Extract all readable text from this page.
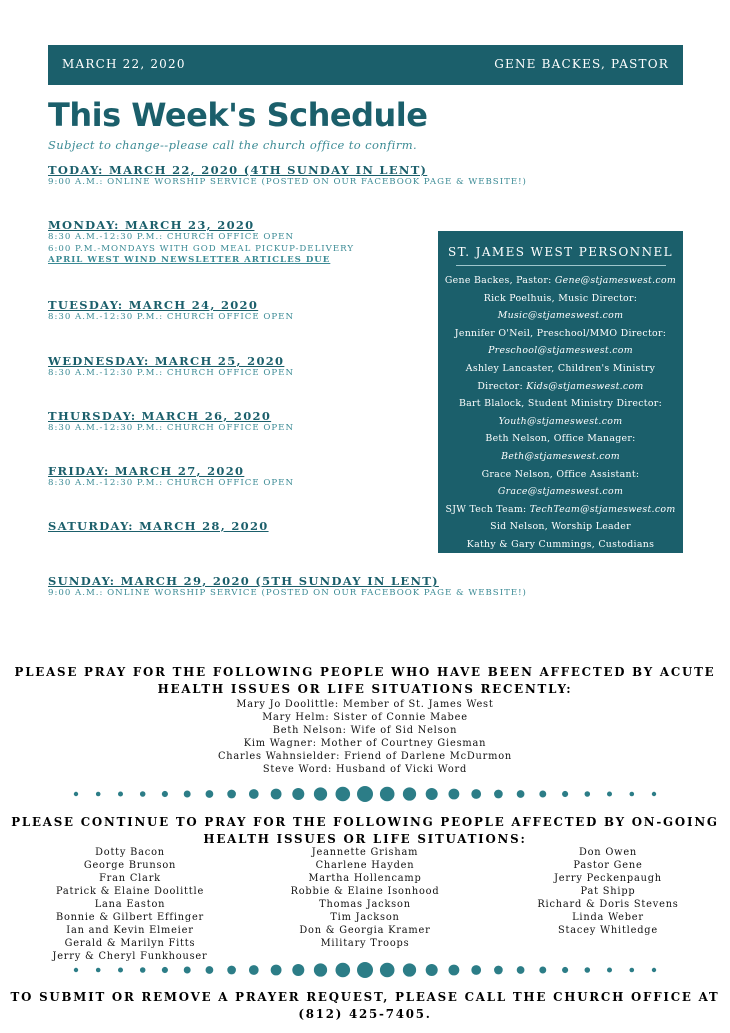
MARCH 22, 2020	GENE BACKES, PASTOR
This Week's Schedule
Subject to change--please call the church office to confirm.
TODAY: MARCH 22, 2020 (4TH SUNDAY IN LENT)
9:00 A.M.: ONLINE WORSHIP SERVICE (POSTED ON OUR FACEBOOK PAGE & WEBSITE!)
MONDAY: MARCH 23, 2020
8:30 A.M.-12:30 P.M.: CHURCH OFFICE OPEN
6:00 P.M.-MONDAYS WITH GOD MEAL PICKUP-DELIVERY
APRIL WEST WIND NEWSLETTER ARTICLES DUE
TUESDAY: MARCH 24, 2020
8:30 A.M.-12:30 P.M.: CHURCH OFFICE OPEN
WEDNESDAY: MARCH 25, 2020
8:30 A.M.-12:30 P.M.: CHURCH OFFICE OPEN
THURSDAY: MARCH 26, 2020
8:30 A.M.-12:30 P.M.: CHURCH OFFICE OPEN
FRIDAY: MARCH 27, 2020
8:30 A.M.-12:30 P.M.: CHURCH OFFICE OPEN
SATURDAY: MARCH 28, 2020
SUNDAY: MARCH 29, 2020 (5TH SUNDAY IN LENT)
9:00 A.M.: ONLINE WORSHIP SERVICE (POSTED ON OUR FACEBOOK PAGE & WEBSITE!)
ST. JAMES WEST PERSONNEL
Gene Backes, Pastor: Gene@stjameswest.com
Rick Poelhuis, Music Director:
Music@stjameswest.com
Jennifer O'Neil, Preschool/MMO Director:
Preschool@stjameswest.com
Ashley Lancaster, Children's Ministry
Director: Kids@stjameswest.com
Bart Blalock, Student Ministry Director:
Youth@stjameswest.com
Beth Nelson, Office Manager:
Beth@stjameswest.com
Grace Nelson, Office Assistant:
Grace@stjameswest.com
SJW Tech Team: TechTeam@stjameswest.com
Sid Nelson, Worship Leader
Kathy & Gary Cummings, Custodians
PLEASE PRAY FOR THE FOLLOWING PEOPLE WHO HAVE BEEN AFFECTED BY ACUTE
HEALTH ISSUES OR LIFE SITUATIONS RECENTLY:
Mary Jo Doolittle: Member of St. James West
Mary Helm: Sister of Connie Mabee
Beth Nelson: Wife of Sid Nelson
Kim Wagner: Mother of Courtney Giesman
Charles Wahnsielder: Friend of Darlene McDurmon
Steve Word: Husband of Vicki Word
PLEASE CONTINUE TO PRAY FOR THE FOLLOWING PEOPLE AFFECTED BY ON-GOING
HEALTH ISSUES OR LIFE SITUATIONS:
Dotty Bacon
George Brunson
Fran Clark
Patrick & Elaine Doolittle
Lana Easton
Bonnie & Gilbert Effinger
Ian and Kevin Elmeier
Gerald & Marilyn Fitts
Jerry & Cheryl Funkhouser
Jeannette Grisham
Charlene Hayden
Martha Hollencamp
Robbie & Elaine Isonhood
Thomas Jackson
Tim Jackson
Don & Georgia Kramer
Military Troops
Don Owen
Pastor Gene
Jerry Peckenpaugh
Pat Shipp
Richard & Doris Stevens
Linda Weber
Stacey Whitledge
TO SUBMIT OR REMOVE A PRAYER REQUEST, PLEASE CALL THE CHURCH OFFICE AT
(812) 425-7405.
